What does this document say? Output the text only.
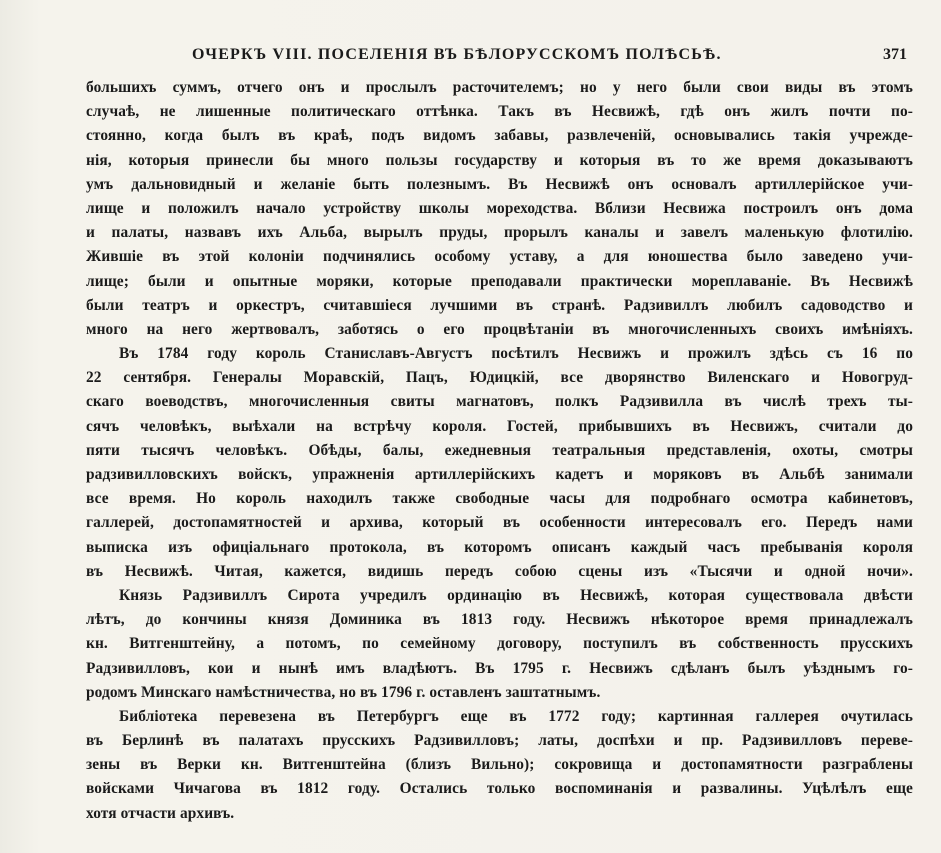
ОЧЕРКЪ VIII. ПОСЕЛЕНІЯ ВЪ БѢЛОРУССКОМЪ ПОЛѢСЬѢ.	371
большихъ суммъ, отчего онъ и прослылъ расточителемъ; но у него были свои виды въ этомъ
случаѣ, не лишенные политическаго оттѣнка. Такъ въ Несвижѣ, гдѣ онъ жилъ почти по-
стоянно, когда былъ въ краѣ, подъ видомъ забавы, развлеченій, основывались такія учрежде-
нія, которыя принесли бы много пользы государству и которыя въ то же время доказываютъ
умъ дальновидный и желаніе быть полезнымъ. Въ Несвижѣ онъ основалъ артиллерійское учи-
лище и положилъ начало устройству школы мореходства. Вблизи Несвижа построилъ онъ дома
и палаты, назвавъ ихъ Альба, вырылъ пруды, прорылъ каналы и завелъ маленькую флотилію.
Жившіе въ этой колоніи подчинялись особому уставу, а для юношества было заведено учи-
лище; были и опытные моряки, которые преподавали практически мореплаваніе. Въ Несвижѣ
были театръ и оркестръ, считавшіеся лучшими въ странѣ. Радзивиллъ любилъ садоводство и
много на него жертвовалъ, заботясь о его процвѣтаніи въ многочисленныхъ своихъ имѣніяхъ.
Въ 1784 году король Станиславъ-Августъ посѣтилъ Несвижъ и прожилъ здѣсь съ 16 по
22 сентября. Генералы Моравскій, Пацъ, Юдицкій, все дворянство Виленскаго и Новогруд-
скаго воеводствъ, многочисленныя свиты магнатовъ, полкъ Радзивилла въ числѣ трехъ ты-
сячъ человѣкъ, выѣхали на встрѣчу короля. Гостей, прибывшихъ въ Несвижъ, считали до
пяти тысячъ человѣкъ. Обѣды, балы, ежедневныя театральныя представленія, охоты, смотры
радзивилловскихъ войскъ, упражненія артиллерійскихъ кадетъ и моряковъ въ Альбѣ занимали
все время. Но король находилъ также свободные часы для подробнаго осмотра кабинетовъ,
галлерей, достопамятностей и архива, который въ особенности интересовалъ его. Передъ нами
выписка изъ офиціальнаго протокола, въ которомъ описанъ каждый часъ пребыванія короля
въ Несвижѣ. Читая, кажется, видишь передъ собою сцены изъ «Тысячи и одной ночи».
Князь Радзивиллъ Сирота учредилъ ординацію въ Несвижѣ, которая существовала двѣсти
лѣтъ, до кончины князя Доминика въ 1813 году. Несвижъ нѣкоторое время принадлежалъ
кн. Витгенштейну, а потомъ, по семейному договору, поступилъ въ собственность прусскихъ
Радзивилловъ, кои и нынѣ имъ владѣютъ. Въ 1795 г. Несвижъ сдѣланъ былъ уѣзднымъ го-
родомъ Минскаго намѣстничества, но въ 1796 г. оставленъ заштатнымъ.
Библіотека перевезена въ Петербургъ еще въ 1772 году; картинная галлерея очутилась
въ Берлинѣ въ палатахъ прусскихъ Радзивилловъ; латы, доспѣхи и пр. Радзивилловъ переве-
зены въ Верки кн. Витгенштейна (близъ Вильно); сокровища и достопамятности разграблены
войсками Чичагова въ 1812 году. Остались только воспоминанія и развалины. Уцѣлѣлъ еще
хотя отчасти архивъ.
